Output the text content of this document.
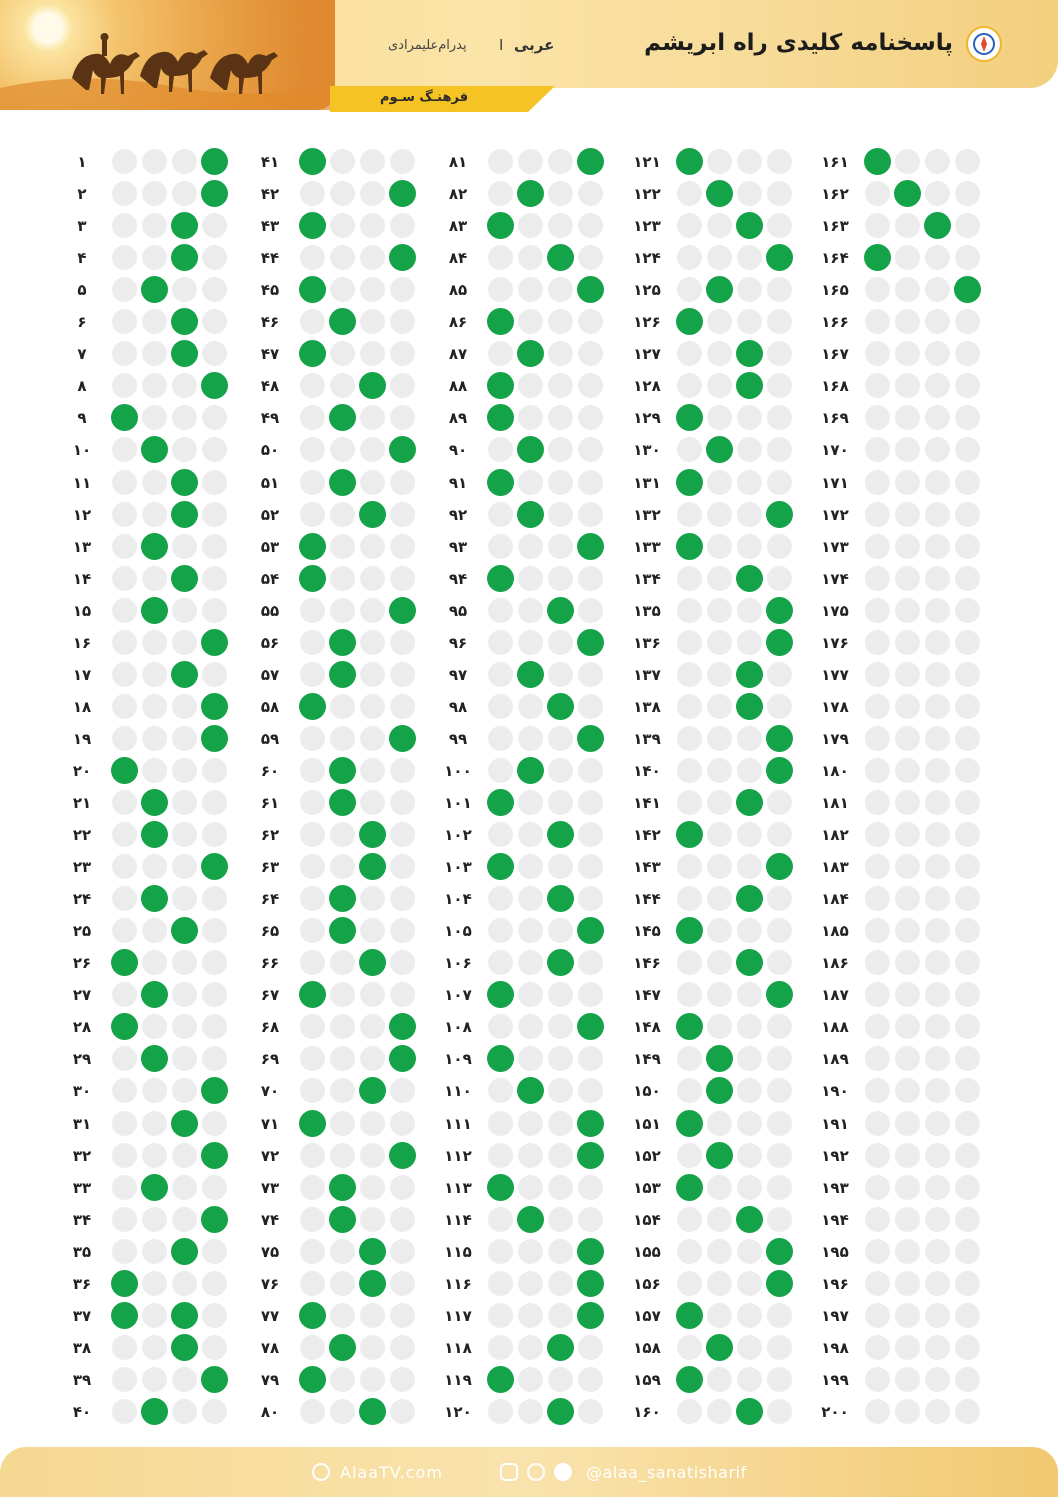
فرهنـگ سـوم
پاسخنامه کلیدی راه ابریشم
عربی
I
پدرام‌علیمرادی
۱
۲
۳
۴
۵
۶
۷
۸
۹
۱۰
۱۱
۱۲
۱۳
۱۴
۱۵
۱۶
۱۷
۱۸
۱۹
۲۰
۲۱
۲۲
۲۳
۲۴
۲۵
۲۶
۲۷
۲۸
۲۹
۳۰
۳۱
۳۲
۳۳
۳۴
۳۵
۳۶
۳۷
۳۸
۳۹
۴۰
۴۱
۴۲
۴۳
۴۴
۴۵
۴۶
۴۷
۴۸
۴۹
۵۰
۵۱
۵۲
۵۳
۵۴
۵۵
۵۶
۵۷
۵۸
۵۹
۶۰
۶۱
۶۲
۶۳
۶۴
۶۵
۶۶
۶۷
۶۸
۶۹
۷۰
۷۱
۷۲
۷۳
۷۴
۷۵
۷۶
۷۷
۷۸
۷۹
۸۰
۸۱
۸۲
۸۳
۸۴
۸۵
۸۶
۸۷
۸۸
۸۹
۹۰
۹۱
۹۲
۹۳
۹۴
۹۵
۹۶
۹۷
۹۸
۹۹
۱۰۰
۱۰۱
۱۰۲
۱۰۳
۱۰۴
۱۰۵
۱۰۶
۱۰۷
۱۰۸
۱۰۹
۱۱۰
۱۱۱
۱۱۲
۱۱۳
۱۱۴
۱۱۵
۱۱۶
۱۱۷
۱۱۸
۱۱۹
۱۲۰
۱۲۱
۱۲۲
۱۲۳
۱۲۴
۱۲۵
۱۲۶
۱۲۷
۱۲۸
۱۲۹
۱۳۰
۱۳۱
۱۳۲
۱۳۳
۱۳۴
۱۳۵
۱۳۶
۱۳۷
۱۳۸
۱۳۹
۱۴۰
۱۴۱
۱۴۲
۱۴۳
۱۴۴
۱۴۵
۱۴۶
۱۴۷
۱۴۸
۱۴۹
۱۵۰
۱۵۱
۱۵۲
۱۵۳
۱۵۴
۱۵۵
۱۵۶
۱۵۷
۱۵۸
۱۵۹
۱۶۰
۱۶۱
۱۶۲
۱۶۳
۱۶۴
۱۶۵
۱۶۶
۱۶۷
۱۶۸
۱۶۹
۱۷۰
۱۷۱
۱۷۲
۱۷۳
۱۷۴
۱۷۵
۱۷۶
۱۷۷
۱۷۸
۱۷۹
۱۸۰
۱۸۱
۱۸۲
۱۸۳
۱۸۴
۱۸۵
۱۸۶
۱۸۷
۱۸۸
۱۸۹
۱۹۰
۱۹۱
۱۹۲
۱۹۳
۱۹۴
۱۹۵
۱۹۶
۱۹۷
۱۹۸
۱۹۹
۲۰۰
AlaaTV.com	@alaa_sanatisharif
